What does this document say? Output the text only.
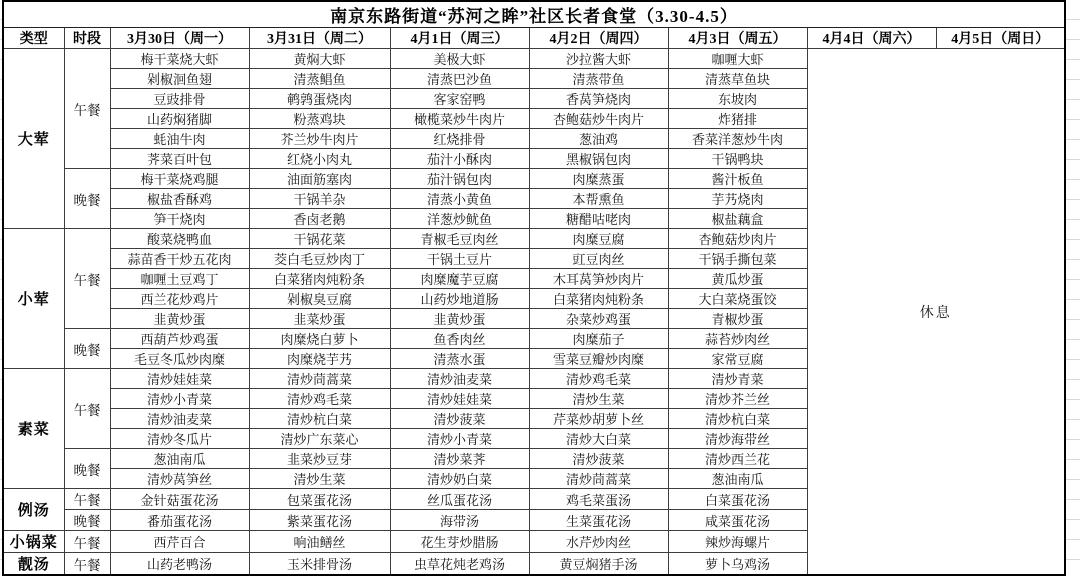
南京东路街道“苏河之眸”社区长者食堂（3.30-4.5）								
类型	时段	3月30日（周一）	3月31日（周二）	4月1日（周三）	4月2日（周四）	4月3日（周五）	4月4日（周六）	4月5日（周日）
大荤	午餐	梅干菜烧大虾	黄焖大虾	美极大虾	沙拉酱大虾	咖喱大虾	休息	
		剁椒洄鱼翅	清蒸鲳鱼	清蒸巴沙鱼	清蒸带鱼	清蒸草鱼块		
		豆豉排骨	鹌鹑蛋烧肉	客家窑鸭	香莴笋烧肉	东坡肉		
		山药焖猪脚	粉蒸鸡块	橄榄菜炒牛肉片	杏鲍菇炒牛肉片	炸猪排		
		蚝油牛肉	芥兰炒牛肉片	红烧排骨	葱油鸡	香菜洋葱炒牛肉		
		荠菜百叶包	红烧小肉丸	茄汁小酥肉	黑椒锅包肉	干锅鸭块		
	晚餐	梅干菜烧鸡腿	油面筋塞肉	茄汁锅包肉	肉糜蒸蛋	酱汁板鱼		
		椒盐香酥鸡	干锅羊杂	清蒸小黄鱼	本帮熏鱼	芋艿烧肉		
		笋干烧肉	香卤老鹅	洋葱炒鱿鱼	糖醋咕咾肉	椒盐藕盒		
小荤	午餐	酸菜烧鸭血	干锅花菜	青椒毛豆肉丝	肉糜豆腐	杏鲍菇炒肉片		
		蒜苗香干炒五花肉	茭白毛豆炒肉丁	干锅土豆片	豇豆肉丝	干锅手撕包菜		
		咖喱土豆鸡丁	白菜猪肉炖粉条	肉糜魔芋豆腐	木耳莴笋炒肉片	黄瓜炒蛋		
		西兰花炒鸡片	剁椒臭豆腐	山药炒地道肠	白菜猪肉炖粉条	大白菜烧蛋饺		
		韭黄炒蛋	韭菜炒蛋	韭黄炒蛋	杂菜炒鸡蛋	青椒炒蛋		
	晚餐	西葫芦炒鸡蛋	肉糜烧白萝卜	鱼香肉丝	肉糜茄子	蒜苔炒肉丝		
		毛豆冬瓜炒肉糜	肉糜烧芋艿	清蒸水蛋	雪菜豆瓣炒肉糜	家常豆腐		
素菜	午餐	清炒娃娃菜	清炒茼蒿菜	清炒油麦菜	清炒鸡毛菜	清炒青菜		
		清炒小青菜	清炒鸡毛菜	清炒娃娃菜	清炒生菜	清炒芥兰丝		
		清炒油麦菜	清炒杭白菜	清炒菠菜	芹菜炒胡萝卜丝	清炒杭白菜		
		清炒冬瓜片	清炒广东菜心	清炒小青菜	清炒大白菜	清炒海带丝		
	晚餐	葱油南瓜	韭菜炒豆芽	清炒菜荠	清炒菠菜	清炒西兰花		
		清炒莴笋丝	清炒生菜	清炒奶白菜	清炒茼蒿菜	葱油南瓜		
例汤	午餐	金针菇蛋花汤	包菜蛋花汤	丝瓜蛋花汤	鸡毛菜蛋汤	白菜蛋花汤		
	晚餐	番茄蛋花汤	紫菜蛋花汤	海带汤	生菜蛋花汤	咸菜蛋花汤		
小锅菜	午餐	西芹百合	响油鳝丝	花生芽炒腊肠	水芹炒肉丝	辣炒海螺片		
靓汤	午餐	山药老鸭汤	玉米排骨汤	虫草花炖老鸡汤	黄豆焖猪手汤	萝卜乌鸡汤		
